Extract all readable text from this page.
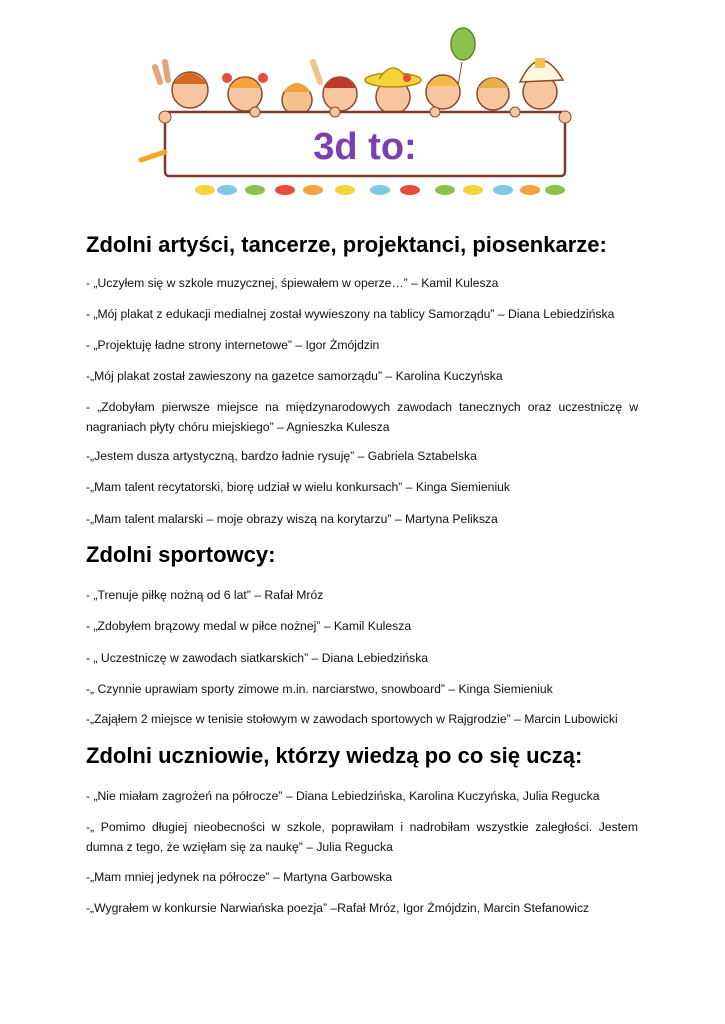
3d to:
Zdolni artyści, tancerze, projektanci, piosenkarze:

- „Uczyłem się w szkole muzycznej, śpiewałem w operze…” – Kamil Kulesza

- „Mój plakat z edukacji medialnej został wywieszony na tablicy Samorządu” – Diana Lebiedzińska

- „Projektuję ładne strony internetowe” – Igor Żmójdzin

-„Mój plakat został zawieszony na gazetce samorządu” – Karolina Kuczyńska

- „Zdobyłam pierwsze miejsce na międzynarodowych zawodach tanecznych oraz uczestniczę w nagraniach płyty chóru miejskiego” – Agnieszka Kulesza

-„Jestem dusza artystyczną, bardzo ładnie rysuję” – Gabriela Sztabelska

-„Mam talent recytatorski, biorę udział w wielu konkursach” – Kinga Siemieniuk

-„Mam talent malarski – moje obrazy wiszą na korytarzu” – Martyna Peliksza

Zdolni sportowcy:

- „Trenuje piłkę nożną od 6 lat” – Rafał Mróz

- „Zdobyłem brązowy medal w piłce nożnej” – Kamil Kulesza

- „ Uczestniczę w zawodach siatkarskich” – Diana Lebiedzińska

-„ Czynnie uprawiam sporty zimowe m.in. narciarstwo, snowboard” – Kinga Siemieniuk

-„Zająłem 2 miejsce w tenisie stołowym w zawodach sportowych w Rajgrodzie” – Marcin Lubowicki

Zdolni uczniowie, którzy wiedzą po co się uczą:

- „Nie miałam zagrożeń na półrocze” – Diana Lebiedzińska, Karolina Kuczyńska, Julia Regucka

-„ Pomimo długiej nieobecności w szkole, poprawiłam i nadrobiłam wszystkie zaległości. Jestem dumna z tego, że wzięłam się za naukę” – Julia Regucka

-„Mam mniej jedynek na półrocze” – Martyna Garbowska

-„Wygrałem w konkursie Narwiańska poezja” –Rafał Mróz, Igor Żmójdzin, Marcin Stefanowicz
